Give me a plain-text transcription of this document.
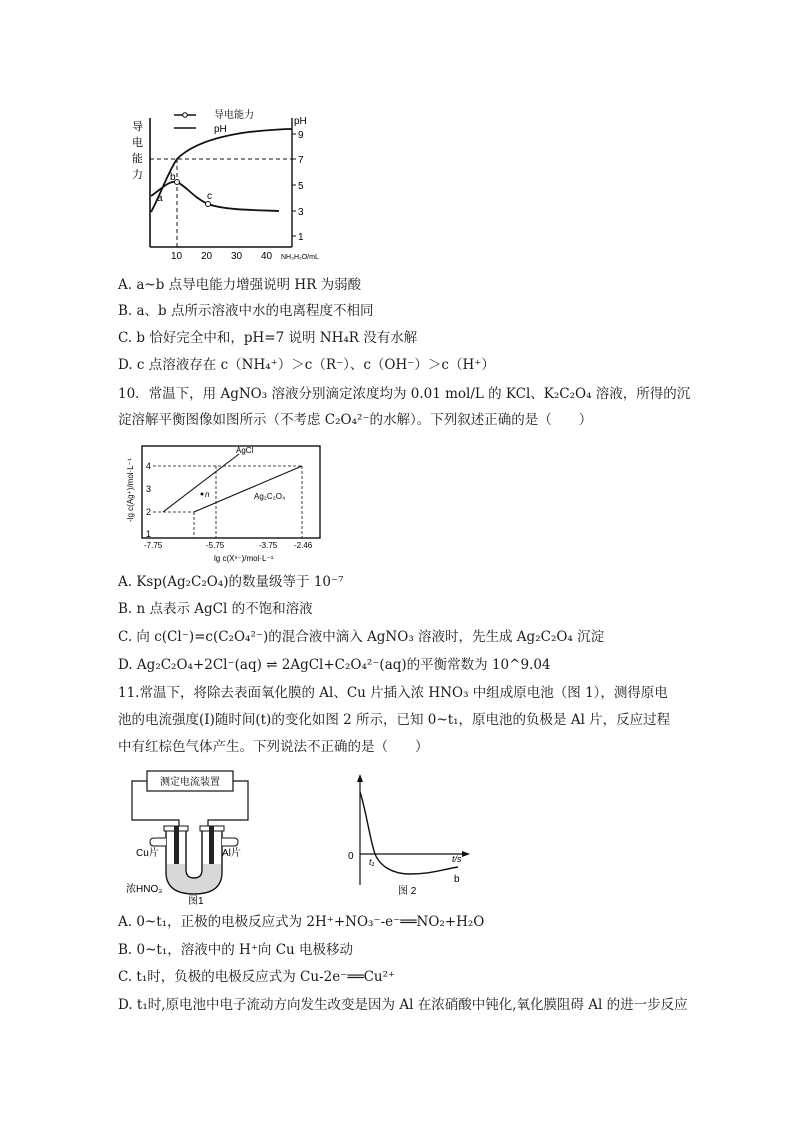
导
电
能
力
pH
9
7
5
3
1
10 20 30 40 NH₃H₂O/mL
a
b
c
导电能力
pH
A. a~b 点导电能力增强说明 HR 为弱酸
B. a、b 点所示溶液中水的电离程度不相同
C. b 恰好完全中和，pH=7 说明 NH₄R 没有水解
D. c 点溶液存在 c（NH₄⁺）＞c（R⁻）、c（OH⁻）＞c（H⁺）
10．常温下，用 AgNO₃ 溶液分别滴定浓度均为 0.01 mol/L 的 KCl、K₂C₂O₄ 溶液，所得的沉
淀溶解平衡图像如图所示（不考虑 C₂O₄²⁻的水解）。下列叙述正确的是（　　）
-lg c(Ag⁺)/mol·L⁻¹ 4
3
2
1
n
AgCl
Ag₂C₂O₄
-7.75	-5.75	-3.75 -2.46
lg c(Xⁿ⁻)/mol·L⁻¹
A. Ksp(Ag₂C₂O₄)的数量级等于 10⁻⁷
B. n 点表示 AgCl 的不饱和溶液
C. 向 c(Cl⁻)=c(C₂O₄²⁻)的混合液中滴入 AgNO₃ 溶液时，先生成 Ag₂C₂O₄ 沉淀
D. Ag₂C₂O₄+2Cl⁻(aq) ⇌ 2AgCl+C₂O₄²⁻(aq)的平衡常数为 10^9.04
11.常温下，将除去表面氧化膜的 Al、Cu 片插入浓 HNO₃ 中组成原电池（图 1），测得原电
池的电流强度(I)随时间(t)的变化如图 2 所示，已知 0~t₁，原电池的负极是 Al 片，反应过程
中有红棕色气体产生。下列说法不正确的是（　　）
测定电流装置
Cu片	Al片
浓HNO₃
图1
0 t₁	t/s
b
图 2
A. 0~t₁，正极的电极反应式为 2H⁺+NO₃⁻-e⁻══NO₂+H₂O
B. 0~t₁，溶液中的 H⁺向 Cu 电极移动
C. t₁时，负极的电极反应式为 Cu-2e⁻══Cu²⁺
D. t₁时,原电池中电子流动方向发生改变是因为 Al 在浓硝酸中钝化,氧化膜阻碍 Al 的进一步反应
